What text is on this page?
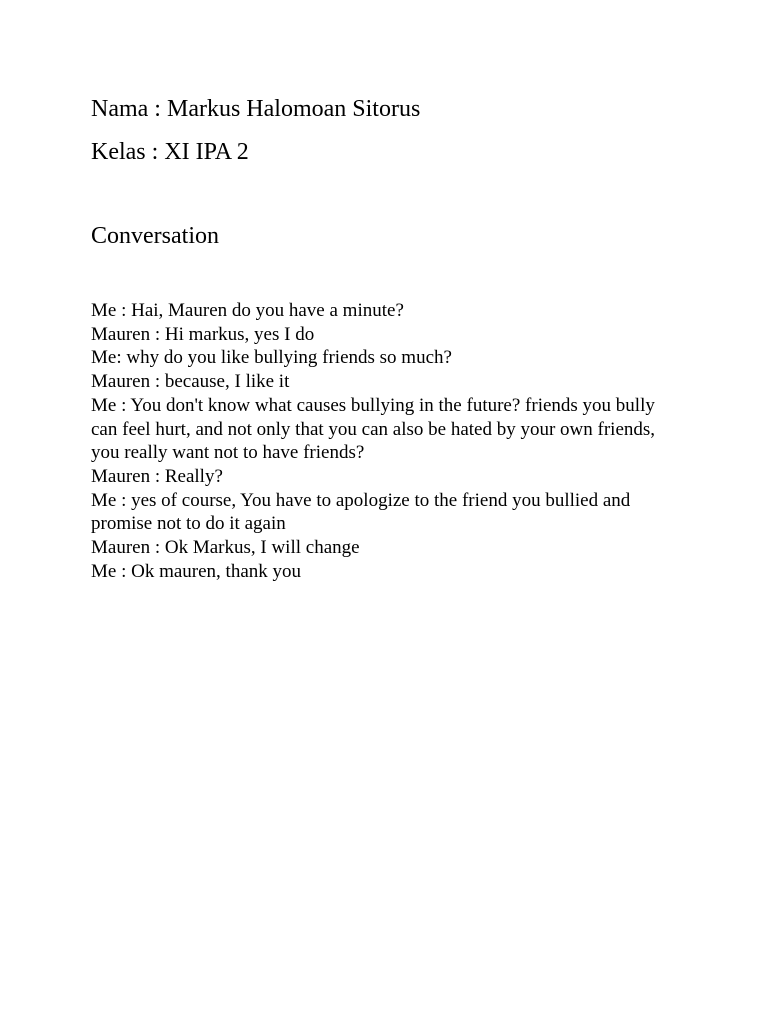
Nama : Markus Halomoan Sitorus
Kelas : XI IPA 2
Conversation

Me : Hai, Mauren do you have a minute?

Mauren : Hi markus, yes I do

Me: why do you like bullying friends so much?

Mauren : because, I like it

Me : You don't know what causes bullying in the future? friends you bully can feel hurt, and not only that you can also be hated by your own friends, you really want not to have friends?

Mauren : Really?

Me : yes of course, You have to apologize to the friend you bullied and promise not to do it again

Mauren : Ok Markus, I will change

Me : Ok mauren, thank you
